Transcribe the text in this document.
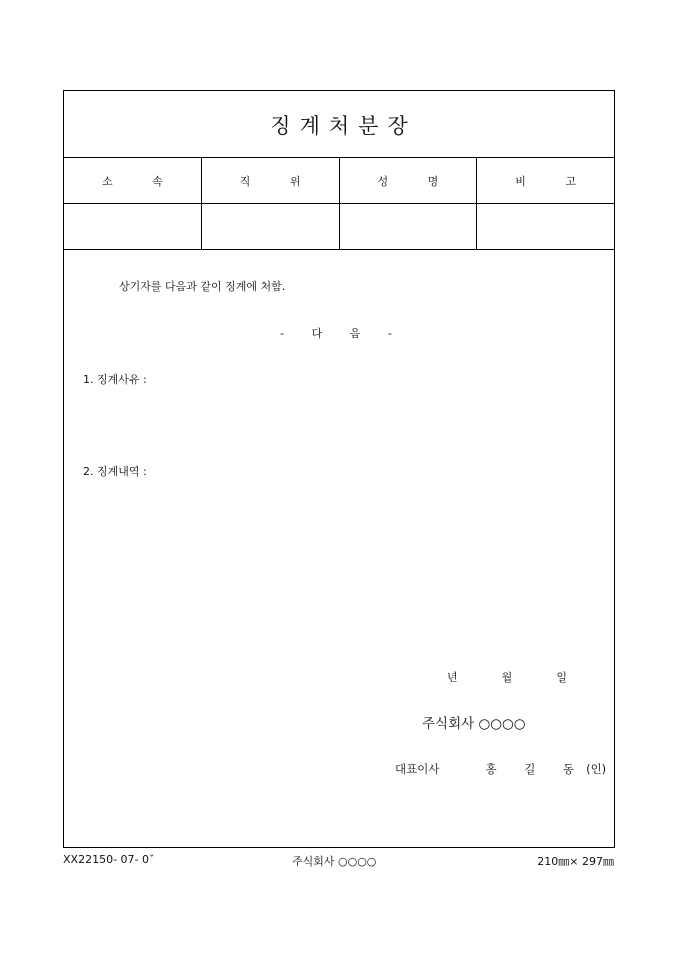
징계처분장
소 속	직 위	성 명	비 고
상기자를 다음과 같이 징계에 처함.
- 다 음 -
1. 징계사유 :
2. 징계내역 :
년	월	일
주식회사 ○○○○
대표이사	홍 길 동 (인)
XX22150- 07- 0ˇ	주식회사 ○○○○	210㎜× 297㎜
